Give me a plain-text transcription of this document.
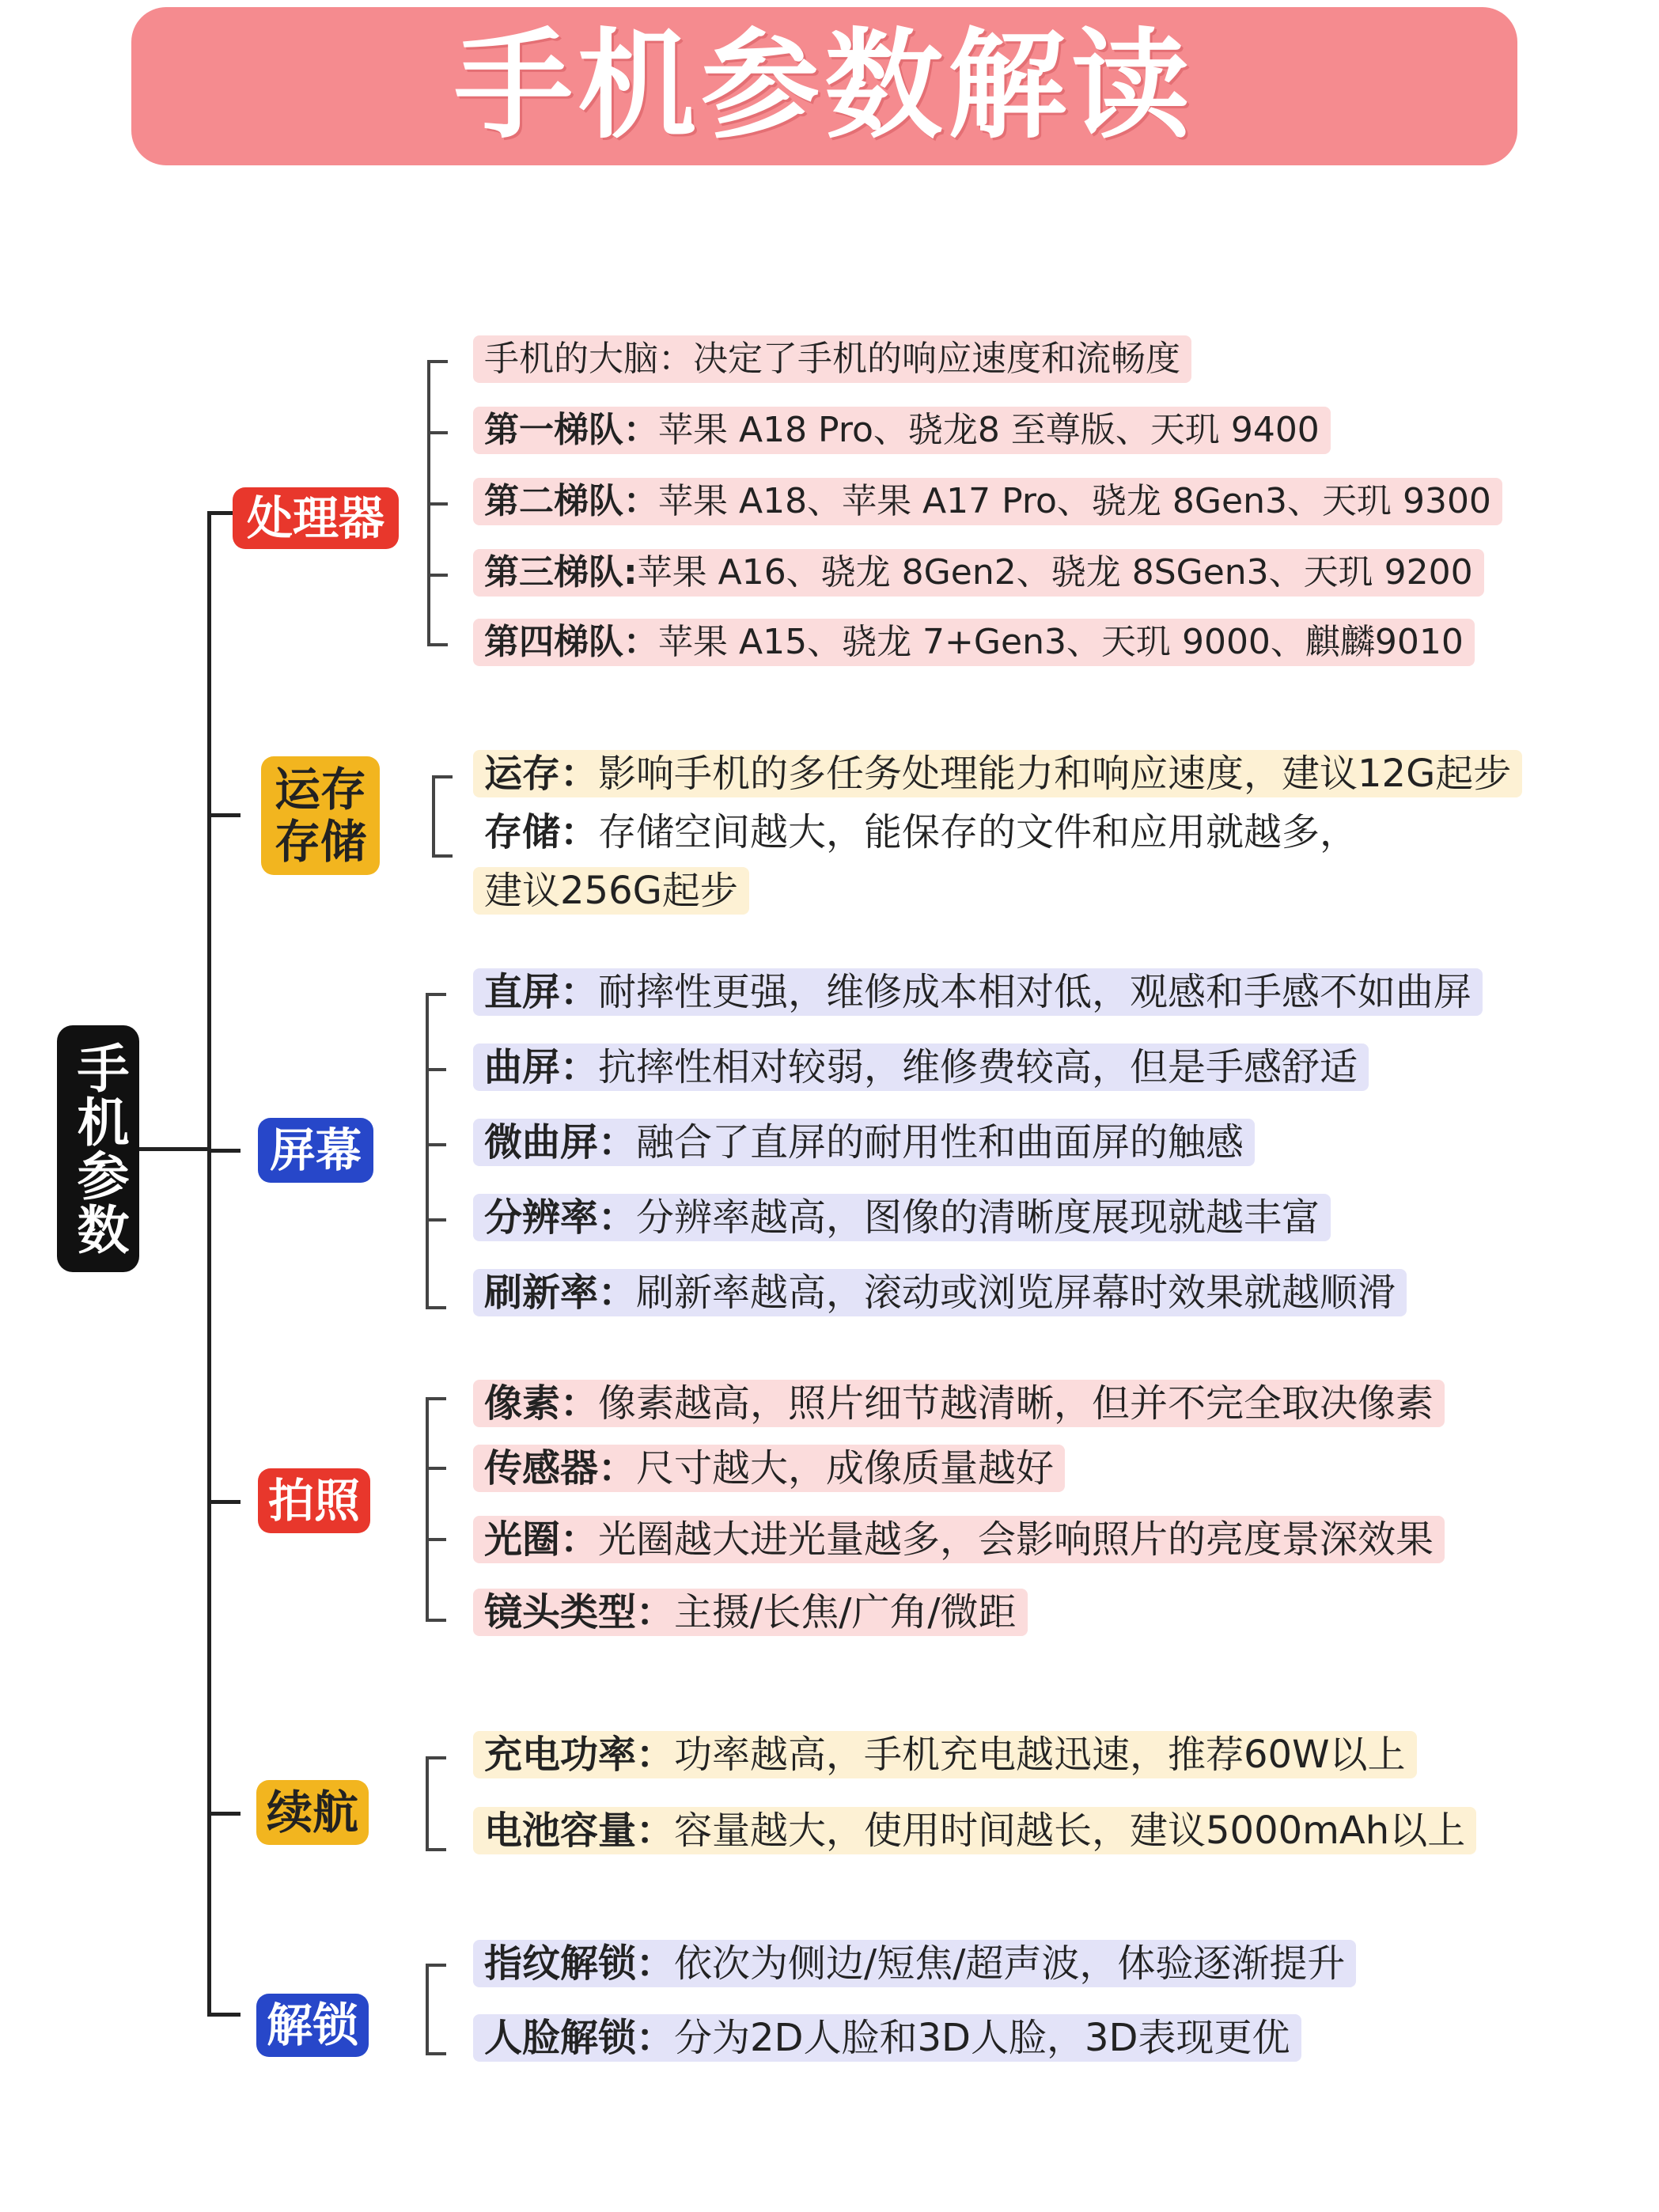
手机参数解读
手机参数
处理器
手机的大脑：决定了手机的响应速度和流畅度
第一梯队：苹果 A18 Pro、骁龙8 至尊版、天玑 9400
第二梯队：苹果 A18、苹果 A17 Pro、骁龙 8Gen3、天玑 9300
第三梯队:苹果 A16、骁龙 8Gen2、骁龙 8SGen3、天玑 9200
第四梯队：苹果 A15、骁龙 7+Gen3、天玑 9000、麒麟9010
运存
存储
运存：影响手机的多任务处理能力和响应速度，建议12G起步
存储：存储空间越大，能保存的文件和应用就越多，
建议256G起步
屏幕
直屏：耐摔性更强，维修成本相对低，观感和手感不如曲屏
曲屏：抗摔性相对较弱，维修费较高，但是手感舒适
微曲屏：融合了直屏的耐用性和曲面屏的触感
分辨率：分辨率越高，图像的清晰度展现就越丰富
刷新率：刷新率越高，滚动或浏览屏幕时效果就越顺滑
拍照
像素：像素越高，照片细节越清晰，但并不完全取决像素
传感器：尺寸越大，成像质量越好
光圈：光圈越大进光量越多，会影响照片的亮度景深效果
镜头类型：主摄/长焦/广角/微距
续航
充电功率：功率越高，手机充电越迅速，推荐60W以上
电池容量：容量越大，使用时间越长，建议5000mAh以上
解锁
指纹解锁：依次为侧边/短焦/超声波，体验逐渐提升
人脸解锁：分为2D人脸和3D人脸，3D表现更优
